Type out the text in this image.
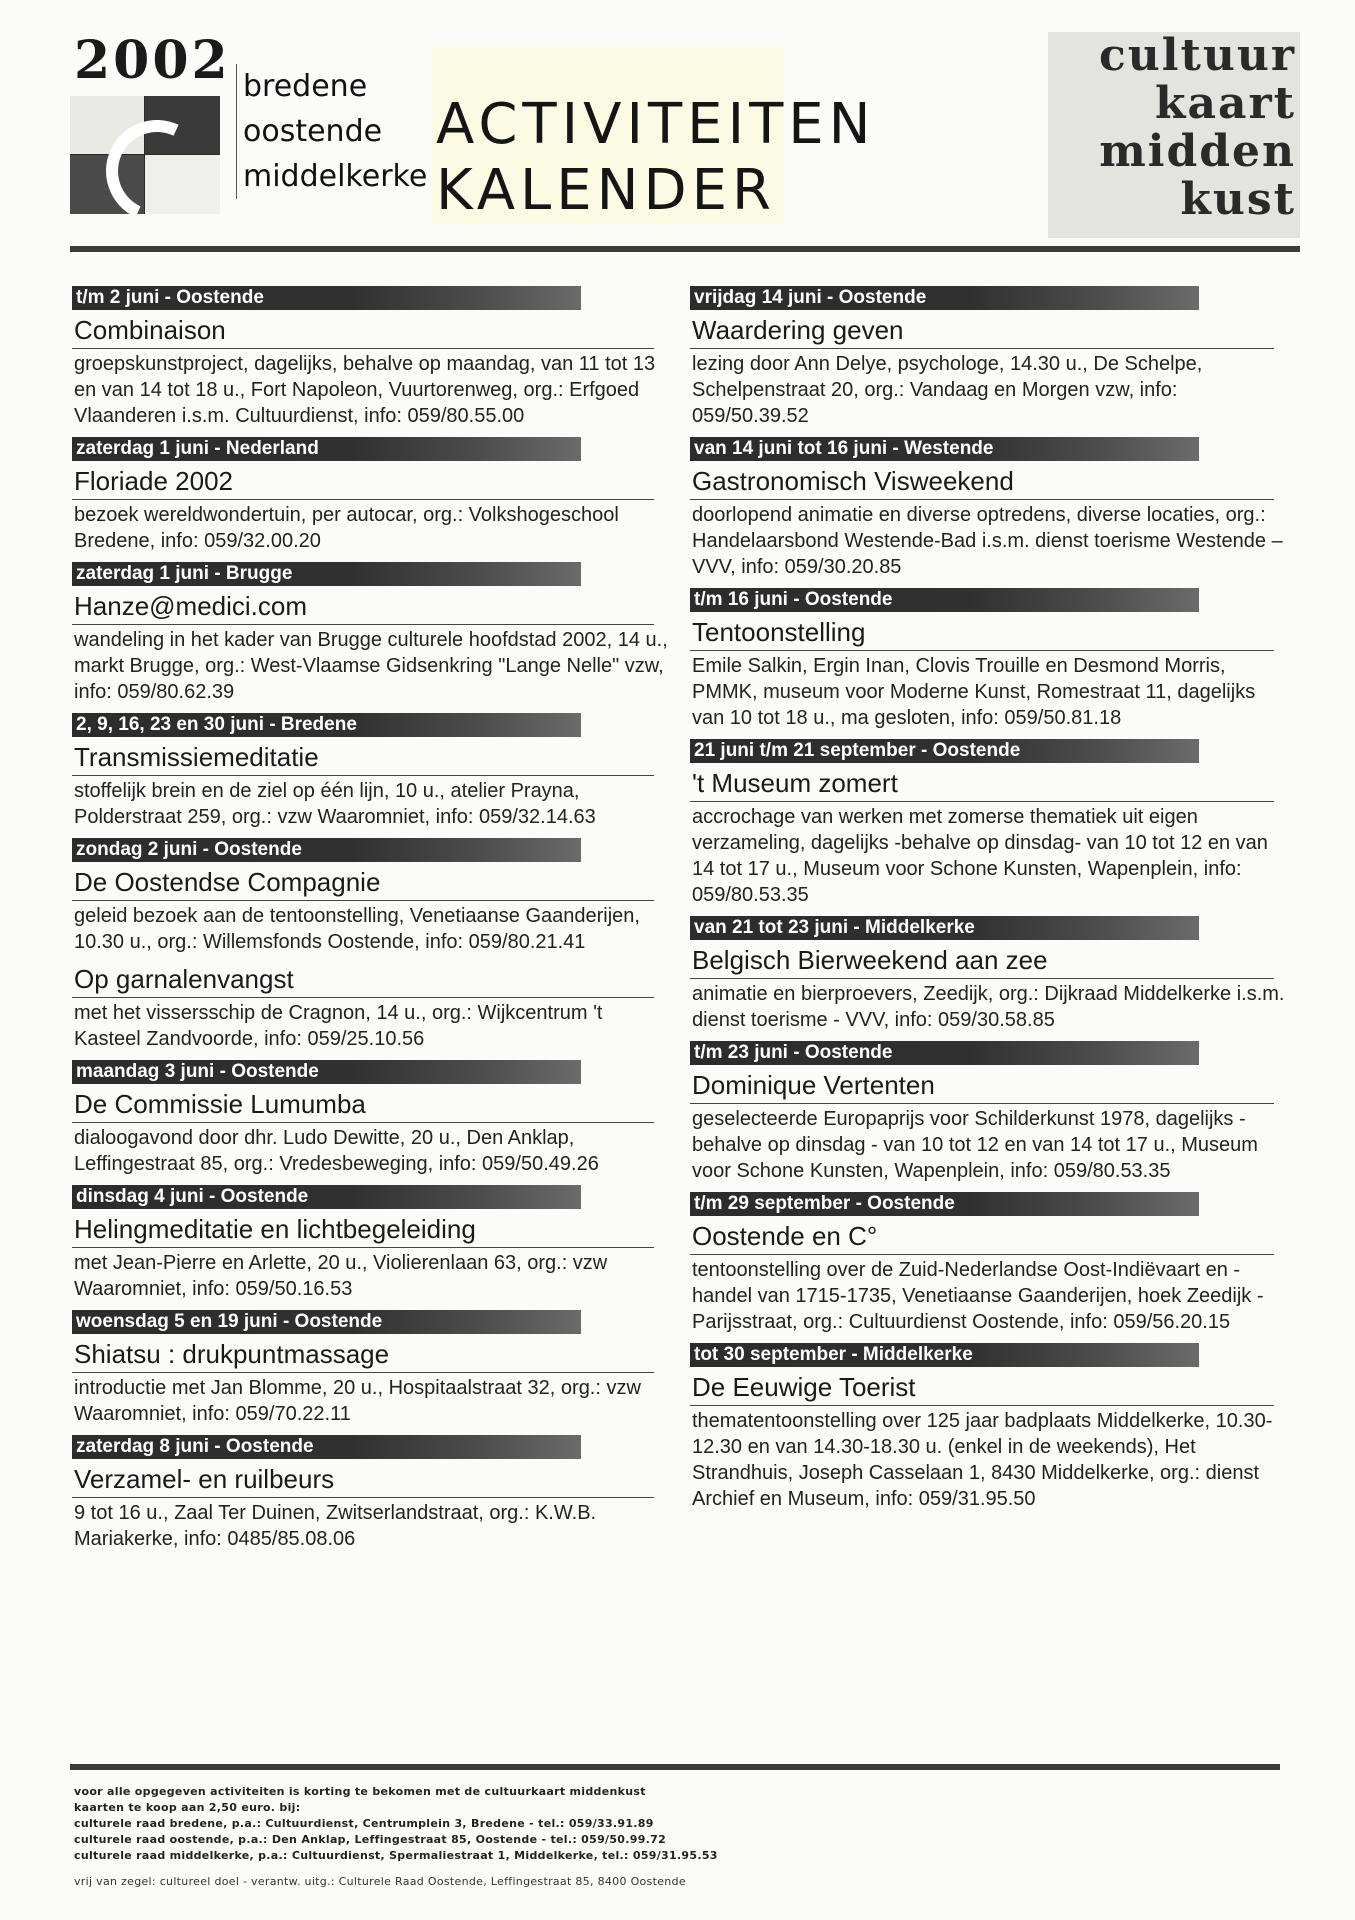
2002 bredene
oostende
middelkerke
ACTIVITEITEN
KALENDER
cultuur
kaart
midden
kust
t/m 2 juni - Oostende
Combinaison
groepskunstproject, dagelijks, behalve op maandag, van 11 tot 13 en van 14 tot 18 u., Fort Napoleon, Vuurtorenweg, org.: Erfgoed Vlaanderen i.s.m. Cultuurdienst, info: 059/80.55.00
zaterdag 1 juni - Nederland
Floriade 2002
bezoek wereldwondertuin, per autocar, org.: Volkshogeschool Bredene, info: 059/32.00.20
zaterdag 1 juni - Brugge
Hanze@medici.com
wandeling in het kader van Brugge culturele hoofdstad 2002, 14 u., markt Brugge, org.: West-Vlaamse Gidsenkring "Lange Nelle" vzw, info: 059/80.62.39
2, 9, 16, 23 en 30 juni - Bredene
Transmissiemeditatie
stoffelijk brein en de ziel op één lijn, 10 u., atelier Prayna, Polderstraat 259, org.: vzw Waaromniet, info: 059/32.14.63
zondag 2 juni - Oostende
De Oostendse Compagnie
geleid bezoek aan de tentoonstelling, Venetiaanse Gaanderijen, 10.30 u., org.: Willemsfonds Oostende, info: 059/80.21.41
Op garnalenvangst
met het vissersschip de Cragnon, 14 u., org.: Wijkcentrum 't Kasteel Zandvoorde, info: 059/25.10.56
maandag 3 juni - Oostende
De Commissie Lumumba
dialoogavond door dhr. Ludo Dewitte, 20 u., Den Anklap, Leffingestraat 85, org.: Vredesbeweging, info: 059/50.49.26
dinsdag 4 juni - Oostende
Helingmeditatie en lichtbegeleiding
met Jean-Pierre en Arlette, 20 u., Violierenlaan 63, org.: vzw Waaromniet, info: 059/50.16.53
woensdag 5 en 19 juni - Oostende
Shiatsu : drukpuntmassage
introductie met Jan Blomme, 20 u., Hospitaalstraat 32, org.: vzw Waaromniet, info: 059/70.22.11
zaterdag 8 juni - Oostende
Verzamel- en ruilbeurs
9 tot 16 u., Zaal Ter Duinen, Zwitserlandstraat, org.: K.W.B. Mariakerke, info: 0485/85.08.06
vrijdag 14 juni - Oostende
Waardering geven
lezing door Ann Delye, psychologe, 14.30 u., De Schelpe, Schelpenstraat 20, org.: Vandaag en Morgen vzw, info: 059/50.39.52
van 14 juni tot 16 juni - Westende
Gastronomisch Visweekend
doorlopend animatie en diverse optredens, diverse locaties, org.: Handelaarsbond Westende-Bad i.s.m. dienst toerisme Westende – VVV, info: 059/30.20.85
t/m 16 juni - Oostende
Tentoonstelling
Emile Salkin, Ergin Inan, Clovis Trouille en Desmond Morris, PMMK, museum voor Moderne Kunst, Romestraat 11, dagelijks van 10 tot 18 u., ma gesloten, info: 059/50.81.18
21 juni t/m 21 september - Oostende
't Museum zomert
accrochage van werken met zomerse thematiek uit eigen verzameling, dagelijks -behalve op dinsdag- van 10 tot 12 en van 14 tot 17 u., Museum voor Schone Kunsten, Wapenplein, info: 059/80.53.35
van 21 tot 23 juni - Middelkerke
Belgisch Bierweekend aan zee
animatie en bierproevers, Zeedijk, org.: Dijkraad Middelkerke i.s.m. dienst toerisme - VVV, info: 059/30.58.85
t/m 23 juni - Oostende
Dominique Vertenten
geselecteerde Europaprijs voor Schilderkunst 1978, dagelijks - behalve op dinsdag - van 10 tot 12 en van 14 tot 17 u., Museum voor Schone Kunsten, Wapenplein, info: 059/80.53.35
t/m 29 september - Oostende
Oostende en C°
tentoonstelling over de Zuid-Nederlandse Oost-Indiëvaart en -handel van 1715-1735, Venetiaanse Gaanderijen, hoek Zeedijk - Parijsstraat, org.: Cultuurdienst Oostende, info: 059/56.20.15
tot 30 september - Middelkerke
De Eeuwige Toerist
thematentoonstelling over 125 jaar badplaats Middelkerke, 10.30-12.30 en van 14.30-18.30 u. (enkel in de weekends), Het Strandhuis, Joseph Casselaan 1, 8430 Middelkerke, org.: dienst Archief en Museum, info: 059/31.95.50
voor alle opgegeven activiteiten is korting te bekomen met de cultuurkaart middenkust
kaarten te koop aan 2,50 euro. bij:
culturele raad bredene, p.a.: Cultuurdienst, Centrumplein 3, Bredene - tel.: 059/33.91.89
culturele raad oostende, p.a.: Den Anklap, Leffingestraat 85, Oostende - tel.: 059/50.99.72
culturele raad middelkerke, p.a.: Cultuurdienst, Spermaliestraat 1, Middelkerke, tel.: 059/31.95.53
vrij van zegel: cultureel doel - verantw. uitg.: Culturele Raad Oostende, Leffingestraat 85, 8400 Oostende
